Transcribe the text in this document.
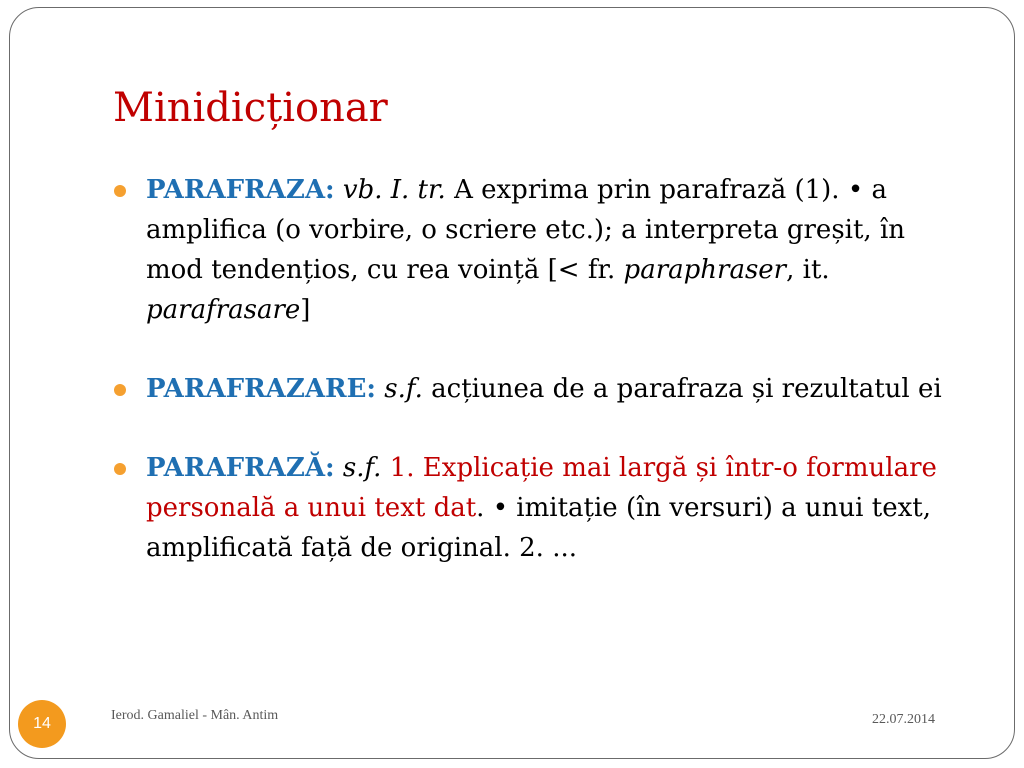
Minidicționar
PARAFRAZA: vb. I. tr. A exprima prin parafrază (1). • a amplifica (o vorbire, o scriere etc.); a interpreta greșit, în mod tendențios, cu rea voință [< fr. paraphraser, it. parafrasare]
PARAFRAZARE: s.f. acțiunea de a parafraza și rezultatul ei
PARAFRAZĂ: s.f. 1. Explicație mai largă și într-o formulare personală a unui text dat. • imitație (în versuri) a unui text, amplificată față de original. 2. ...
14	Ierod. Gamaliel - Mân. Antim	22.07.2014
